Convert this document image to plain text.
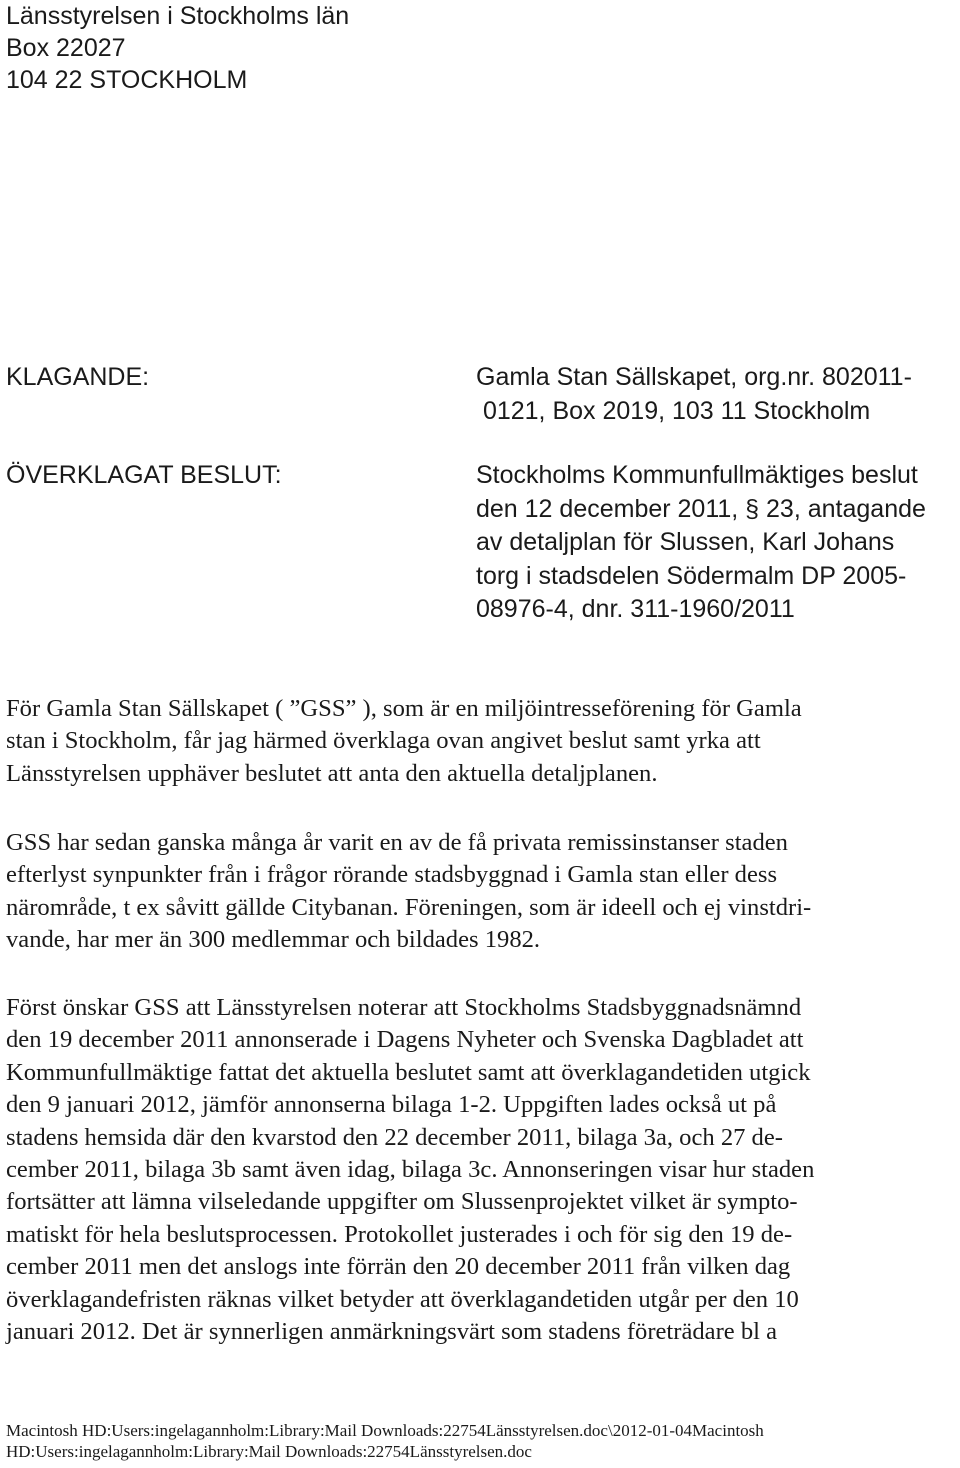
Länsstyrelsen i Stockholms län
Box 22027
104 22 STOCKHOLM
KLAGANDE:	Gamla Stan Sällskapet, org.nr. 802011-
0121, Box 2019, 103 11 Stockholm
ÖVERKLAGAT BESLUT:	Stockholms Kommunfullmäktiges beslut
den 12 december 2011, § 23, antagande
av detaljplan för Slussen, Karl Johans
torg i stadsdelen Södermalm DP 2005-
08976-4, dnr. 311-1960/2011
För Gamla Stan Sällskapet ( ”GSS” ), som är en miljöintresseförening för Gamla
stan i Stockholm, får jag härmed överklaga ovan angivet beslut samt yrka att
Länsstyrelsen upphäver beslutet att anta den aktuella detaljplanen.
GSS har sedan ganska många år varit en av de få privata remissinstanser staden
efterlyst synpunkter från i frågor rörande stadsbyggnad i Gamla stan eller dess
närområde, t ex såvitt gällde Citybanan. Föreningen, som är ideell och ej vinstdri-
vande, har mer än 300 medlemmar och bildades 1982.
Först önskar GSS att Länsstyrelsen noterar att Stockholms Stadsbyggnadsnämnd
den 19 december 2011 annonserade i Dagens Nyheter och Svenska Dagbladet att
Kommunfullmäktige fattat det aktuella beslutet samt att överklagandetiden utgick
den 9 januari 2012, jämför annonserna bilaga 1-2. Uppgiften lades också ut på
stadens hemsida där den kvarstod den 22 december 2011, bilaga 3a, och 27 de-
cember 2011, bilaga 3b samt även idag, bilaga 3c. Annonseringen visar hur staden
fortsätter att lämna vilseledande uppgifter om Slussenprojektet vilket är sympto-
matiskt för hela beslutsprocessen. Protokollet justerades i och för sig den 19 de-
cember 2011 men det anslogs inte förrän den 20 december 2011 från vilken dag
överklagandefristen räknas vilket betyder att överklagandetiden utgår per den 10
januari 2012. Det är synnerligen anmärkningsvärt som stadens företrädare bl a
Macintosh HD:Users:ingelagannholm:Library:Mail Downloads:22754Länsstyrelsen.doc\2012-01-04Macintosh
HD:Users:ingelagannholm:Library:Mail Downloads:22754Länsstyrelsen.doc
